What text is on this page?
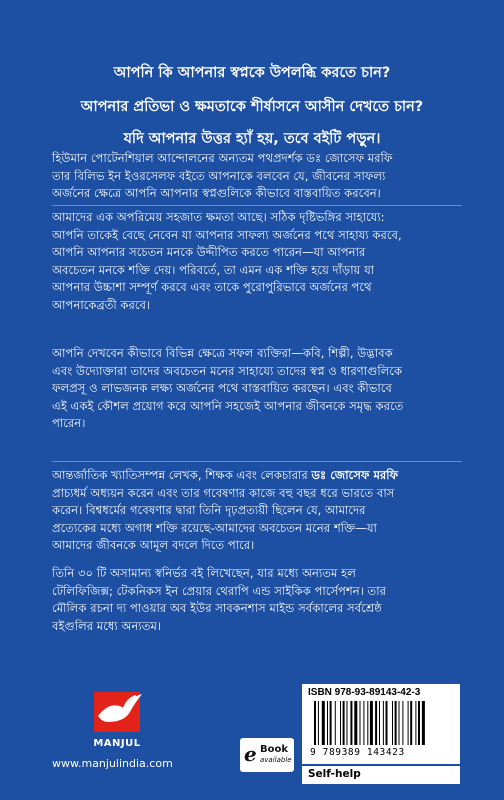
আপনি কি আপনার স্বপ্নকে উপলব্ধি করতে চান?
আপনার প্রতিভা ও ক্ষমতাকে শীর্ষাসনে আসীন দেখতে চান?
যদি আপনার উত্তর হ্যাঁ হয়, তবে বইটি পড়ুন।
হিউমান পোটেনশিয়াল আন্দোলনের অন্যতম পথপ্রদর্শক ডঃ জোসেফ মরফি
তার বিলিভ ইন ইওরসেলফ বইতে আপনাকে বলবেন যে, জীবনের সাফল্য
অর্জনের ক্ষেত্রে আপনি আপনার স্বপ্নগুলিকে কীভাবে বাস্তবায়িত করবেন।
আমাদের এক অপরিমেয় সহজাত ক্ষমতা আছে। সঠিক দৃষ্টিভঙ্গির সাহায্যে:
আপনি তাকেই বেছে নেবেন যা আপনার সাফল্য অর্জনের পথে সাহায্য করবে,
আপনি আপনার সচেতন মনকে উদ্দীপিত করতে পারেন—যা আপনার
অবচেতন মনকে শক্তি দেয়। পরিবর্তে, তা এমন এক শক্তি হয়ে দাঁড়ায় যা
আপনার উচ্চাশা সম্পূর্ণ করবে এবং তাকে পুরোপুরিভাবে অর্জনের পথে
আপনাকেব্রতী করবে।
আপনি দেখবেন কীভাবে বিভিন্ন ক্ষেত্রে সফল ব্যক্তিরা—কবি, শিল্পী, উদ্ভাবক
এবং উদ্যোক্তারা তাদের অবচেতন মনের সাহায্যে তাদের স্বপ্ন ও ধারণাগুলিকে
ফলপ্রসূ ও লাভজনক লক্ষ্য অর্জনের পথে বাস্তবায়িত করছেন। এবং কীভাবে
এই একই কৌশল প্রয়োগ করে আপনি সহজেই আপনার জীবনকে সমৃদ্ধ করতে
পারেন।
আন্তর্জাতিক খ্যাতিসম্পন্ন লেখক, শিক্ষক এবং লেকচারার ডঃ জোসেফ মরফি
প্রাচ্যধর্ম অধ্যয়ন করেন এবং তার গবেষণার কাজে বহু বছর ধরে ভারতে বাস
করেন। বিশ্বধর্মের গবেষণার দ্বারা তিনি দৃঢ়প্রত্যয়ী ছিলেন যে, আমাদের
প্রত্যেকের মধ্যে অগাধ শক্তি রয়েছে-আমাদের অবচেতন মনের শক্তি—যা
আমাদের জীবনকে আমূল বদলে দিতে পারে।
তিনি ৩০ টি অসামান্য স্বনির্ভর বই লিখেছেন, যার মধ্যে অন্যতম হল
টেলিফিজিক্স; টেকনিকস ইন প্রেয়ার থেরাপি এন্ড সাইকিক পার্সেপশন। তার
মৌলিক রচনা দ্য পাওয়ার অব ইউর সাবকনশাস মাইন্ড সর্বকালের সর্বশ্রেষ্ঠ
বইগুলির মধ্যে অন্যতম।
MANJUL
www.manjulindia.com	e Book
available
ISBN 978-93-89143-42-3
9 789389 143423
Self-help
